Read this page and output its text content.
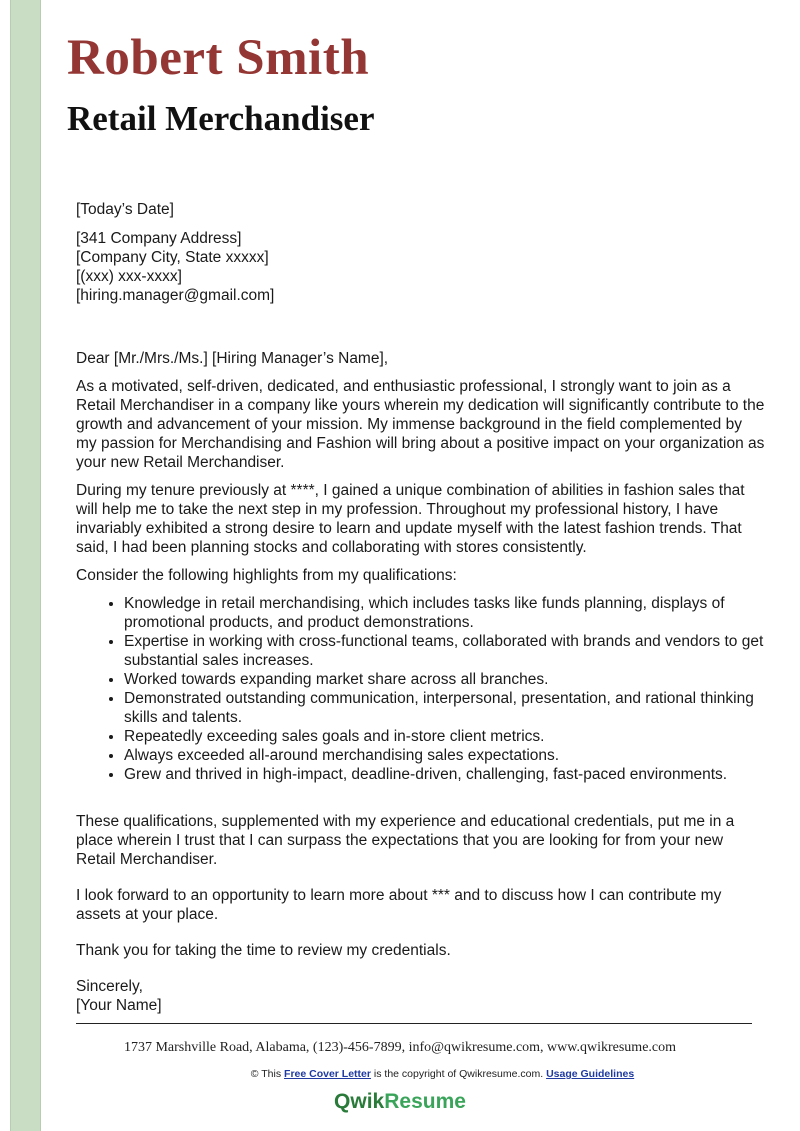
Robert Smith
Retail Merchandiser

[Today’s Date]

[341 Company Address]
[Company City, State xxxxx]
[(xxx) xxx-xxxx]
[hiring.manager@gmail.com]

Dear [Mr./Mrs./Ms.] [Hiring Manager’s Name],

As a motivated, self-driven, dedicated, and enthusiastic professional, I strongly want to join as a Retail Merchandiser in a company like yours wherein my dedication will significantly contribute to the growth and advancement of your mission. My immense background in the field complemented by my passion for Merchandising and Fashion will bring about a positive impact on your organization as your new Retail Merchandiser.

During my tenure previously at ****, I gained a unique combination of abilities in fashion sales that will help me to take the next step in my profession. Throughout my professional history, I have invariably exhibited a strong desire to learn and update myself with the latest fashion trends. That said, I had been planning stocks and collaborating with stores consistently.

Consider the following highlights from my qualifications:

• Knowledge in retail merchandising, which includes tasks like funds planning, displays of promotional products, and product demonstrations.
• Expertise in working with cross-functional teams, collaborated with brands and vendors to get substantial sales increases.
• Worked towards expanding market share across all branches.
• Demonstrated outstanding communication, interpersonal, presentation, and rational thinking skills and talents.
• Repeatedly exceeding sales goals and in-store client metrics.
• Always exceeded all-around merchandising sales expectations.
• Grew and thrived in high-impact, deadline-driven, challenging, fast-paced environments.

These qualifications, supplemented with my experience and educational credentials, put me in a place wherein I trust that I can surpass the expectations that you are looking for from your new Retail Merchandiser.

I look forward to an opportunity to learn more about *** and to discuss how I can contribute my assets at your place.

Thank you for taking the time to review my credentials.

Sincerely,
[Your Name]

1737 Marshville Road, Alabama, (123)-456-7899, info@qwikresume.com, www.qwikresume.com
© This Free Cover Letter is the copyright of Qwikresume.com. Usage Guidelines
QwikResume
